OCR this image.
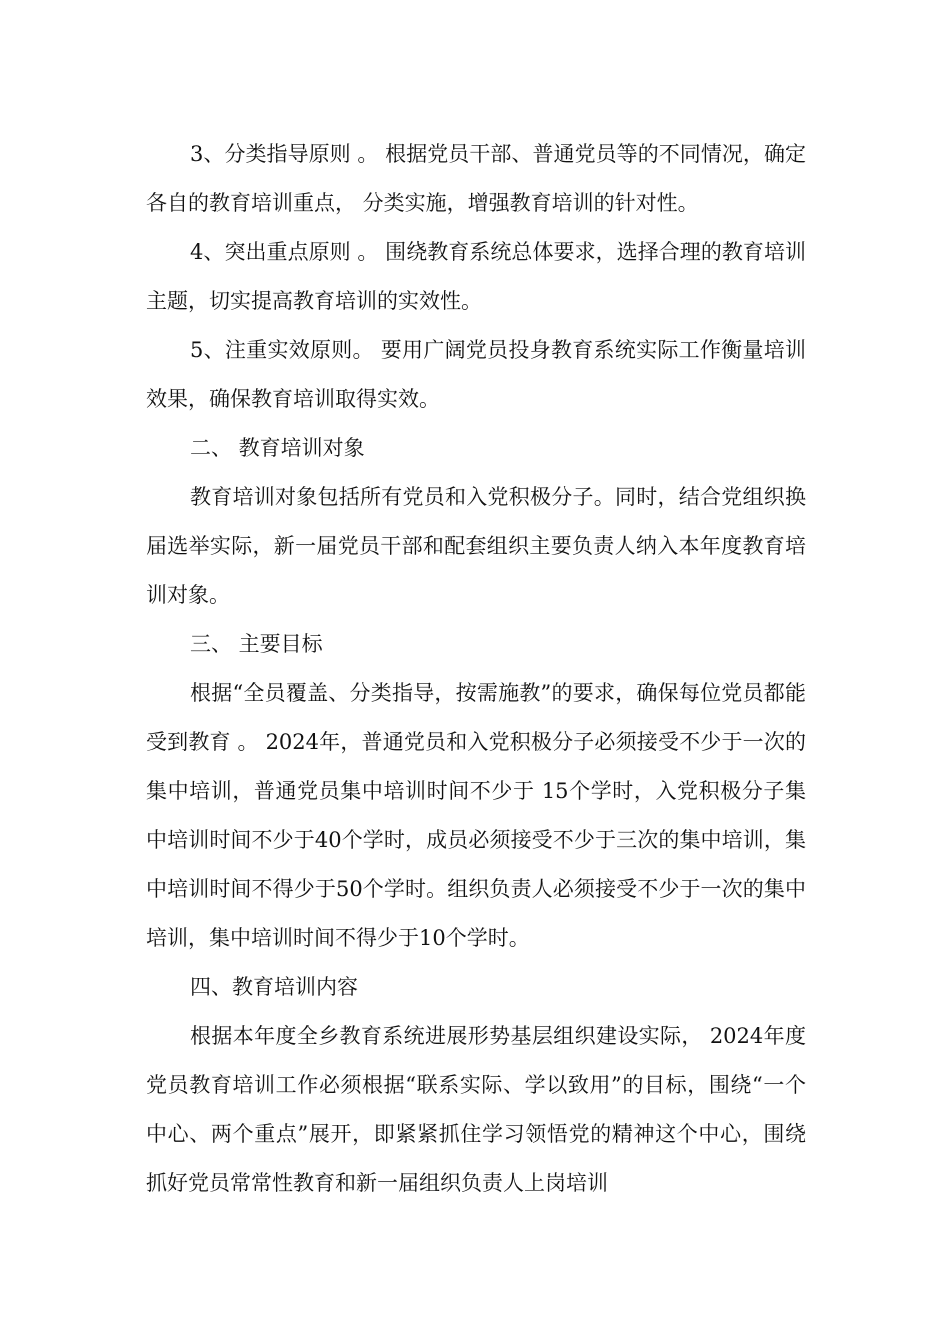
3、分类指导原则 。 根据党员干部、普通党员等的不同情况，确定各自的教育培训重点， 分类实施，增强教育培训的针对性。

4、突出重点原则 。 围绕教育系统总体要求，选择合理的教育培训主题，切实提高教育培训的实效性。

5、注重实效原则。 要用广阔党员投身教育系统实际工作衡量培训效果，确保教育培训取得实效。

二、 教育培训对象

教育培训对象包括所有党员和入党积极分子。同时，结合党组织换届选举实际，新一届党员干部和配套组织主要负责人纳入本年度教育培训对象。

三、 主要目标

根据“全员覆盖、分类指导，按需施教”的要求，确保每位党员都能受到教育 。 2024年，普通党员和入党积极分子必须接受不少于一次的集中培训，普通党员集中培训时间不少于 15个学时，入党积极分子集中培训时间不少于40个学时，成员必须接受不少于三次的集中培训，集中培训时间不得少于50个学时。组织负责人必须接受不少于一次的集中培训，集中培训时间不得少于10个学时。

四、教育培训内容

根据本年度全乡教育系统进展形势基层组织建设实际， 2024年度党员教育培训工作必须根据“联系实际、学以致用”的目标，围绕“一个中心、两个重点”展开，即紧紧抓住学习领悟党的精神这个中心，围绕抓好党员常常性教育和新一届组织负责人上岗培训
